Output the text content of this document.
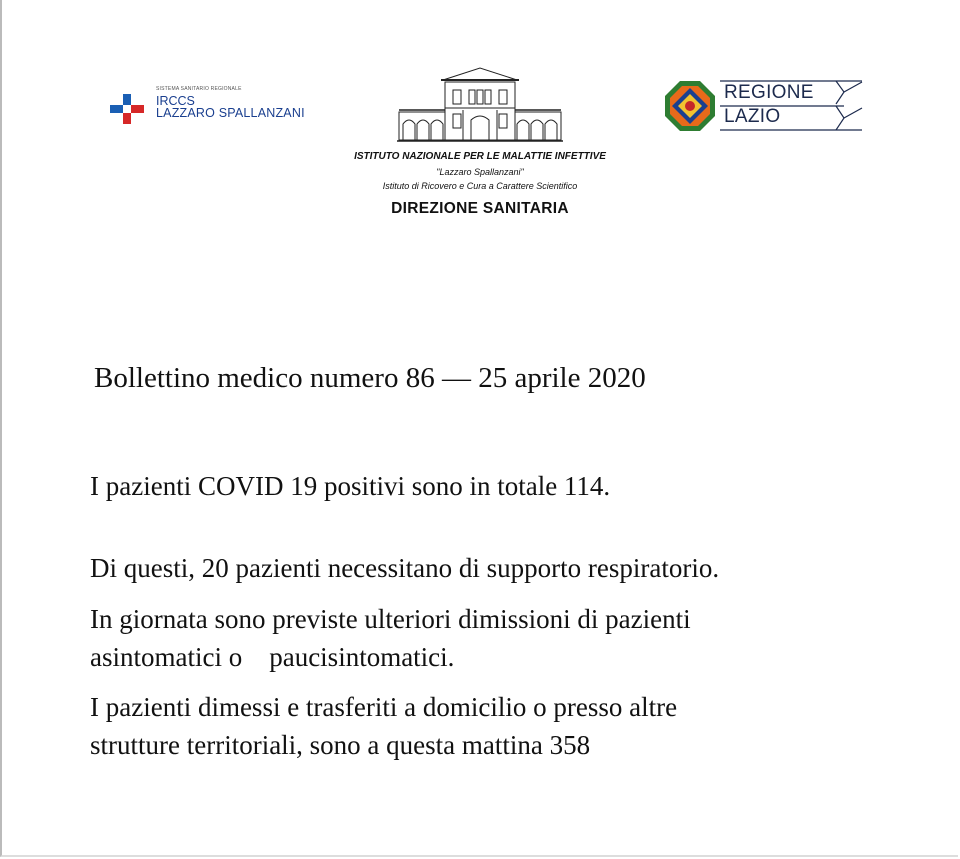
SISTEMA SANITARIO REGIONALE
IRCCS
LAZZARO SPALLANZANI
ISTITUTO NAZIONALE PER LE MALATTIE INFETTIVE
"Lazzaro Spallanzani"
Istituto di Ricovero e Cura a Carattere Scientifico
DIREZIONE SANITARIA
REGIONE
LAZIO
Bollettino medico numero 86 — 25 aprile 2020
I pazienti COVID 19 positivi sono in totale 114.
Di questi, 20 pazienti necessitano di supporto respiratorio.
In giornata sono previste ulteriori dimissioni di pazienti
asintomatici o    paucisintomatici.
I pazienti dimessi e trasferiti a domicilio o presso altre
strutture territoriali, sono a questa mattina 358
